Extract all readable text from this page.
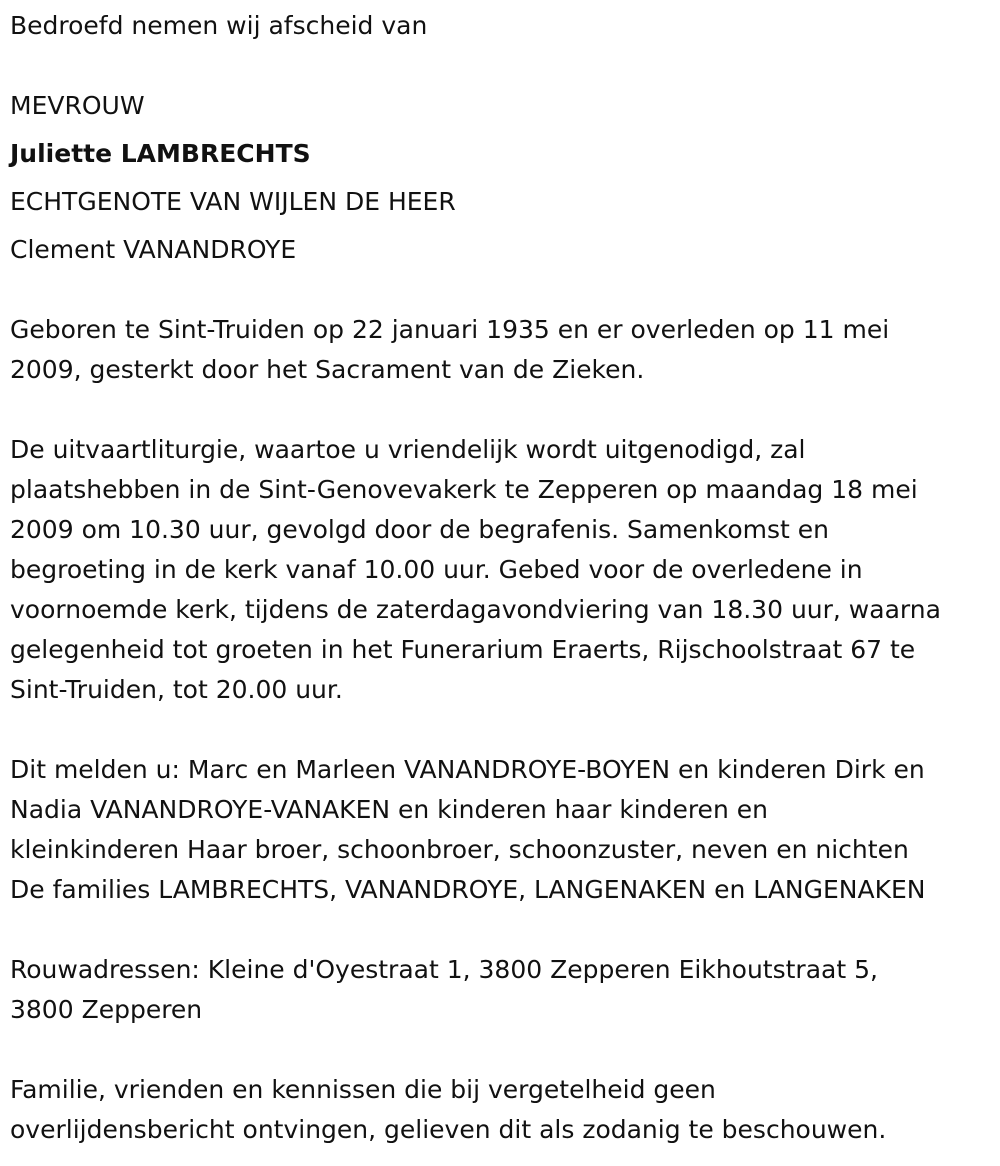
Bedroefd nemen wij afscheid van
MEVROUW
Juliette LAMBRECHTS
ECHTGENOTE VAN WIJLEN DE HEER
Clement VANANDROYE
Geboren te Sint-Truiden op 22 januari 1935 en er overleden op 11 mei
2009, gesterkt door het Sacrament van de Zieken.
De uitvaartliturgie, waartoe u vriendelijk wordt uitgenodigd, zal
plaatshebben in de Sint-Genovevakerk te Zepperen op maandag 18 mei
2009 om 10.30 uur, gevolgd door de begrafenis. Samenkomst en
begroeting in de kerk vanaf 10.00 uur. Gebed voor de overledene in
voornoemde kerk, tijdens de zaterdagavondviering van 18.30 uur, waarna
gelegenheid tot groeten in het Funerarium Eraerts, Rijschoolstraat 67 te
Sint-Truiden, tot 20.00 uur.
Dit melden u: Marc en Marleen VANANDROYE-BOYEN en kinderen Dirk en
Nadia VANANDROYE-VANAKEN en kinderen haar kinderen en
kleinkinderen Haar broer, schoonbroer, schoonzuster, neven en nichten
De families LAMBRECHTS, VANANDROYE, LANGENAKEN en LANGENAKEN
Rouwadressen: Kleine d'Oyestraat 1, 3800 Zepperen Eikhoutstraat 5,
3800 Zepperen
Familie, vrienden en kennissen die bij vergetelheid geen
overlijdensbericht ontvingen, gelieven dit als zodanig te beschouwen.
